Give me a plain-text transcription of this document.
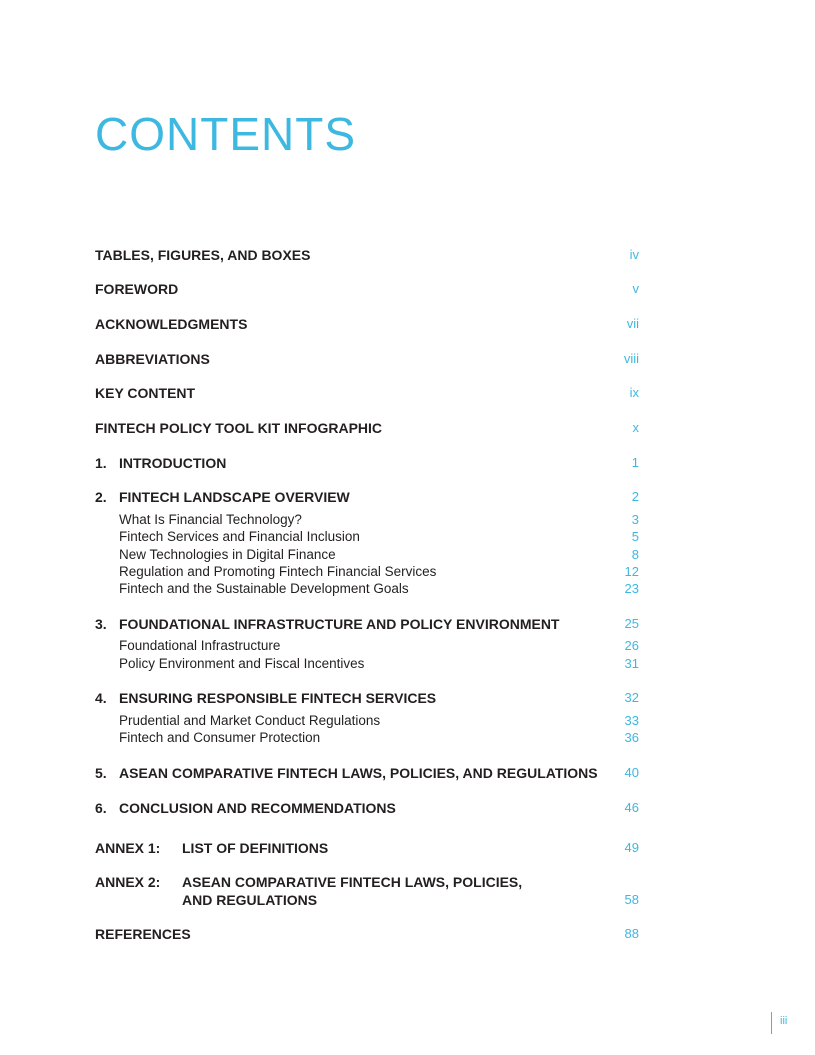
CONTENTS
TABLES, FIGURES, AND BOXES	iv
FOREWORD	v
ACKNOWLEDGMENTS	vii
ABBREVIATIONS	viii
KEY CONTENT	ix
FINTECH POLICY TOOL KIT INFOGRAPHIC	x
1. INTRODUCTION	1
2. FINTECH LANDSCAPE OVERVIEW	2
What Is Financial Technology?	3
Fintech Services and Financial Inclusion	5
New Technologies in Digital Finance	8
Regulation and Promoting Fintech Financial Services	12
Fintech and the Sustainable Development Goals	23
3. FOUNDATIONAL INFRASTRUCTURE AND POLICY ENVIRONMENT	25
Foundational Infrastructure	26
Policy Environment and Fiscal Incentives	31
4. ENSURING RESPONSIBLE FINTECH SERVICES	32
Prudential and Market Conduct Regulations	33
Fintech and Consumer Protection	36
5. ASEAN COMPARATIVE FINTECH LAWS, POLICIES, AND REGULATIONS 40
6. CONCLUSION AND RECOMMENDATIONS	46
ANNEX 1: LIST OF DEFINITIONS	49
ANNEX 2: ASEAN COMPARATIVE FINTECH LAWS, POLICIES,
AND REGULATIONS	58
REFERENCES	88
iii
